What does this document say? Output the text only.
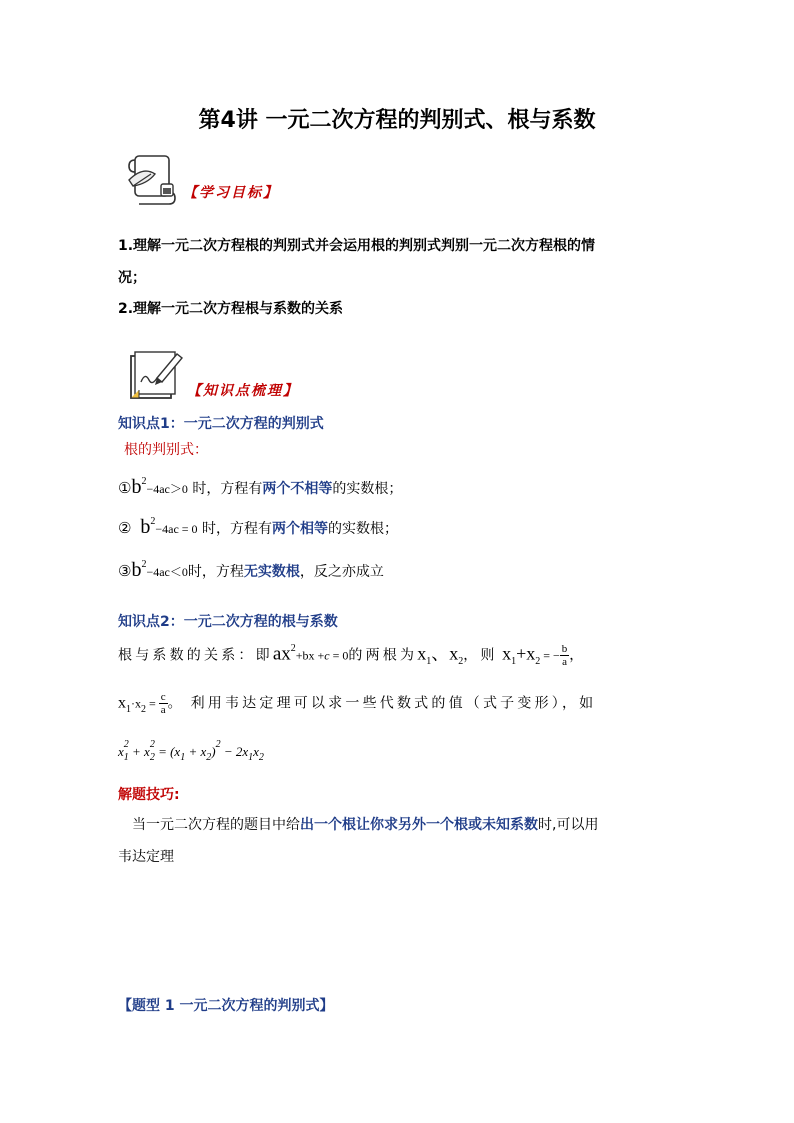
第4讲 一元二次方程的判别式、根与系数
【学习目标】
1.理解一元二次方程根的判别式并会运用根的判别式判别一元二次方程根的情
况；
2.理解一元二次方程根与系数的关系
【知识点梳理】
知识点1：一元二次方程的判别式
根的判别式：
$①b^2-4ac>0$ 时，方程有两个不相等的实数根；
② $b^2-4ac = 0$ 时，方程有两个相等的实数根；
$③b^2-4ac<0$时，方程无实数根，反之亦成立
知识点2：一元二次方程的根与系数
根与系数的关系：即$ax^2+bx +c = 0$的两根为$x_1$、$x_2$，则 $x_1+x_2$ = − $\frac{b}{a}$ ，
$x_1\cdot x_2 = \frac{c}{a}$ 。 利用韦达定理可以求一些代数式的值（式子变形），如
$x_1^2 + x_2^2 = (x_1 + x_2)^2 - 2x_1x_2$
解题技巧:
当一元二次方程的题目中给出一个根让你求另外一个根或未知系数时,可以用
韦达定理
【题型 1 一元二次方程的判别式】
